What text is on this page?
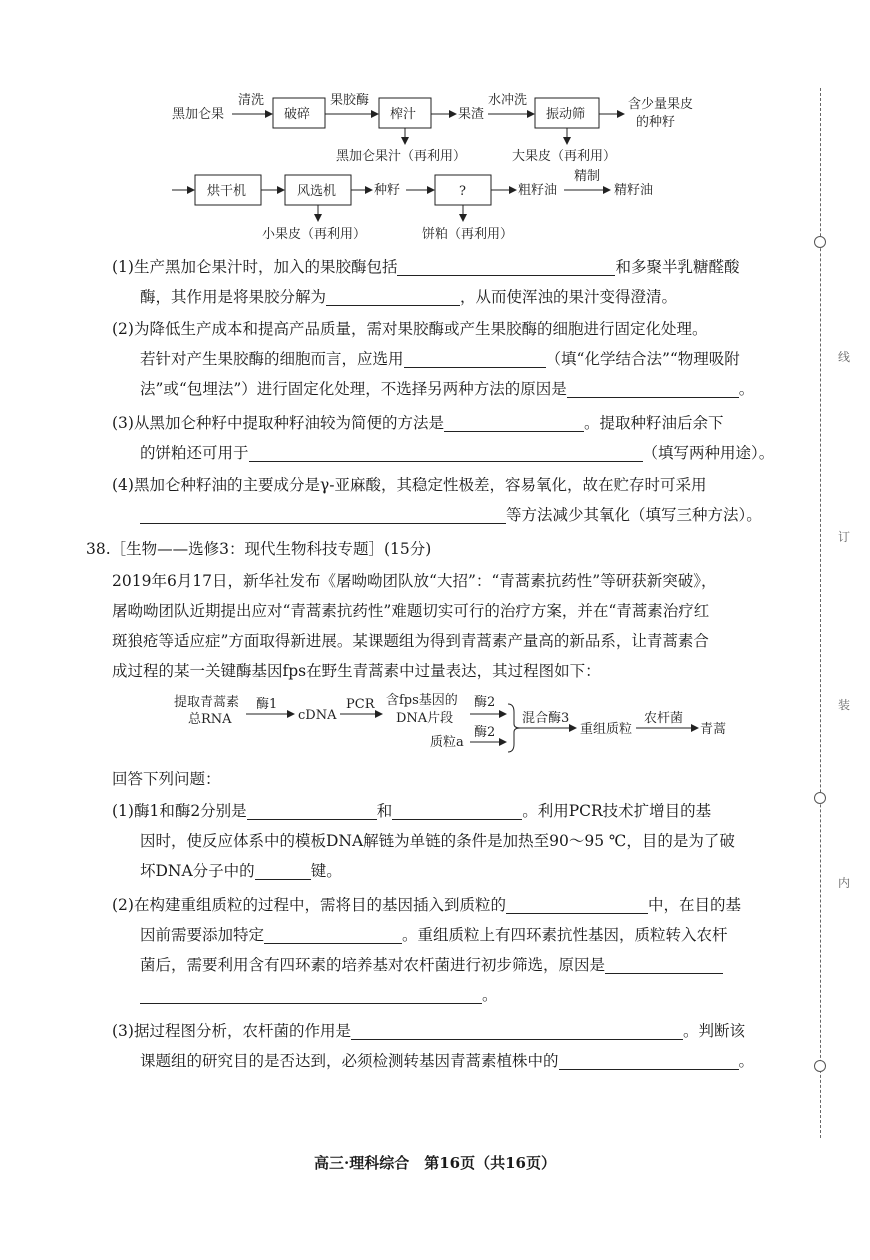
黑加仑果
清洗
破碎
果胶酶
榨汁	果渣
水冲洗
振动筛
含少量果皮
的种籽
黑加仑果汁（再利用）	大果皮（再利用）
烘干机	风选机	种籽	?	粗籽油
精制
精籽油
小果皮（再利用）	饼粕（再利用）
(1)生产黑加仑果汁时，加入的果胶酶包括	和多聚半乳糖醛酸
酶，其作用是将果胶分解为	，从而使浑浊的果汁变得澄清。
(2)为降低生产成本和提高产品质量，需对果胶酶或产生果胶酶的细胞进行固定化处理。
若针对产生果胶酶的细胞而言，应选用	（填“化学结合法”“物理吸附
法”或“包埋法”）进行固定化处理，不选择另两种方法的原因是	。
(3)从黑加仑种籽中提取种籽油较为简便的方法是	。提取种籽油后余下
的饼粕还可用于	（填写两种用途）。
(4)黑加仑种籽油的主要成分是γ-亚麻酸，其稳定性极差，容易氧化，故在贮存时可采用
等方法减少其氧化（填写三种方法）。
38.［生物——选修3：现代生物科技专题］(15分)
2019年6月17日，新华社发布《屠呦呦团队放“大招”：“青蒿素抗药性”等研获新突破》，
屠呦呦团队近期提出应对“青蒿素抗药性”难题切实可行的治疗方案，并在“青蒿素治疗红
斑狼疮等适应症”方面取得新进展。某课题组为得到青蒿素产量高的新品系，让青蒿素合
成过程的某一关键酶基因fps在野生青蒿素中过量表达，其过程图如下：
提取青蒿素
总RNA
酶1
cDNA
PCR 含fps基因的
DNA片段
酶2
质粒a
酶2
混合酶3
重组质粒
农杆菌
青蒿
回答下列问题：
(1)酶1和酶2分别是	和	。利用PCR技术扩增目的基
因时，使反应体系中的模板DNA解链为单链的条件是加热至90～95 ℃，目的是为了破
坏DNA分子中的	键。
(2)在构建重组质粒的过程中，需将目的基因插入到质粒的	中，在目的基
因前需要添加特定	。重组质粒上有四环素抗性基因，质粒转入农杆
菌后，需要利用含有四环素的培养基对农杆菌进行初步筛选，原因是
。
(3)据过程图分析，农杆菌的作用是	。判断该
课题组的研究目的是否达到，必须检测转基因青蒿素植株中的	。
线
订
装
内
高三·理科综合　第16页（共16页）
